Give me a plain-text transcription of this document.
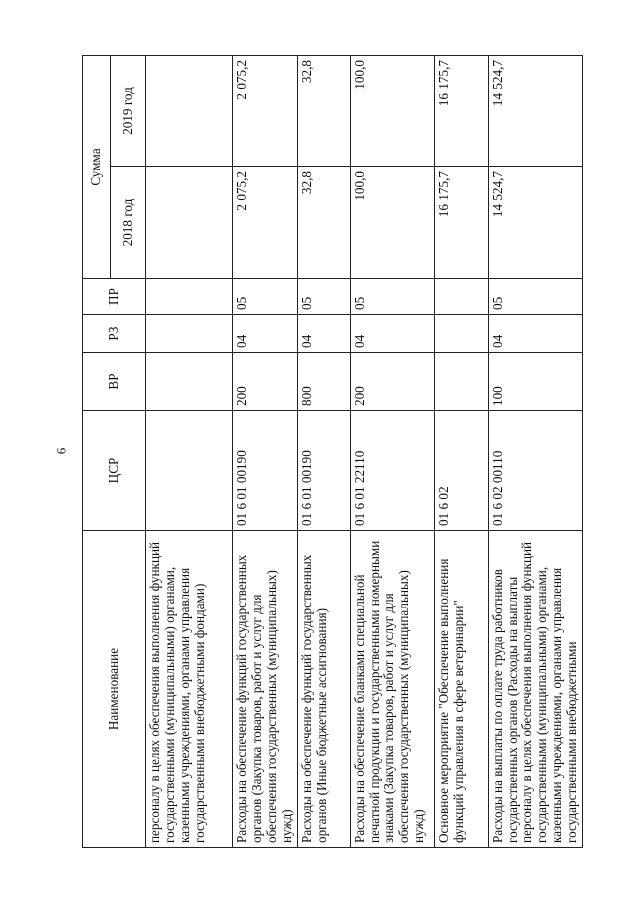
6
Наименование	ЦСР	ВР	РЗ	ПР	Сумма	
					2018 год	2019 год
персоналу в целях обеспечения выполнения функций государственными (муниципальными) органами, казенными учреждениями, органами управления государственными внебюджетными фондами)						
Расходы на обеспечение функций государственных органов (Закупка товаров, работ и услуг для обеспечения государственных (муниципальных) нужд)	01 6 01 00190	200	04	05	2 075,2	2 075,2
Расходы на обеспечение функций государственных органов (Иные бюджетные ассигнования)	01 6 01 00190	800	04	05	32,8	32,8
Расходы на обеспечение бланками специальной печатной продукции и государственными номерными знаками (Закупка товаров, работ и услуг для обеспечения государственных (муниципальных) нужд)	01 6 01 22110	200	04	05	100,0	100,0
Основное мероприятие "Обеспечение выполнения функций управления в сфере ветеринарии"	01 6 02				16 175,7	16 175,7
Расходы на выплаты по оплате труда работников государственных органов (Расходы на выплаты персоналу в целях обеспечения выполнения функций государственными (муниципальными) органами, казенными учреждениями, органами управления государственными внебюджетными	01 6 02 00110	100	04	05	14 524,7	14 524,7
